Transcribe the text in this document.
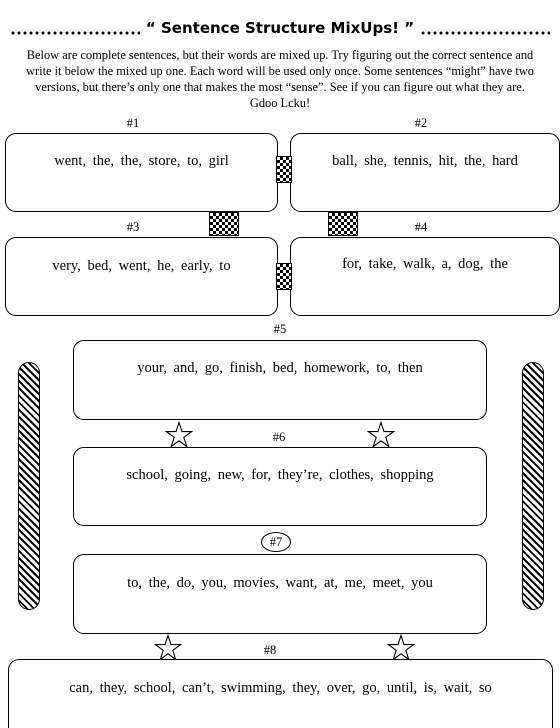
“ Sentence Structure MixUps! ”
Below are complete sentences, but their words are mixed up. Try figuring out the correct sentence and write it below the mixed up one. Each word will be used only once. Some sentences “might” have two versions, but there’s only one that makes the most “sense”. See if you can figure out what they are. Gdoo Lcku!
#1	#2
went, the, the, store, to, girl	ball, she, tennis, hit, the, hard
#3	#4
very, bed, went, he, early, to	for, take, walk, a, dog, the
#5
your, and, go, finish, bed, homework, to, then
#6
school, going, new, for, they’re, clothes, shopping
#7
to, the, do, you, movies, want, at, me, meet, you
#8
can, they, school, can’t, swimming, they, over, go, until, is, wait, so
